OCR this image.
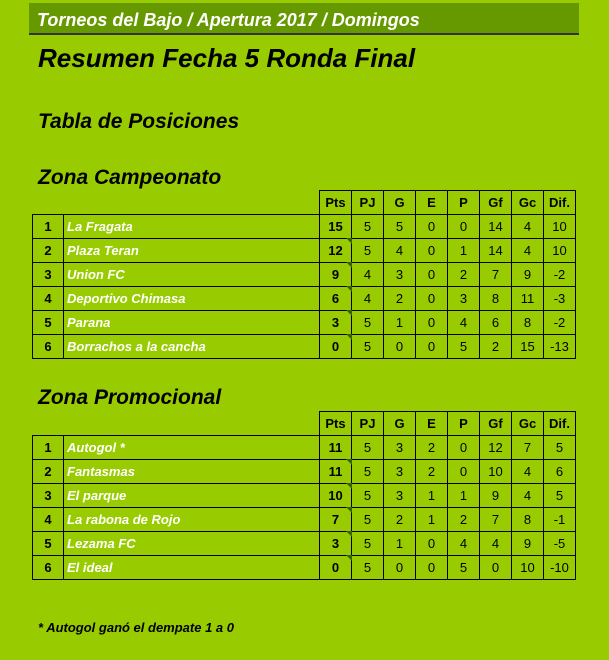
Torneos del Bajo / Apertura 2017 / Domingos
Resumen Fecha 5 Ronda Final
Tabla de Posiciones
Zona Campeonato
		Pts	PJ	G	E	P	Gf	Gc	Dif.
1	La Fragata	15	5	5	0	0	14	4	10
2	Plaza Teran	12	5	4	0	1	14	4	10
3	Union FC	9	4	3	0	2	7	9	-2
4	Deportivo Chimasa	6	4	2	0	3	8	11	-3
5	Parana	3	5	1	0	4	6	8	-2
6	Borrachos a la cancha	0	5	0	0	5	2	15	-13
Zona Promocional
		Pts	PJ	G	E	P	Gf	Gc	Dif.
1	Autogol *	11	5	3	2	0	12	7	5
2	Fantasmas	11	5	3	2	0	10	4	6
3	El parque	10	5	3	1	1	9	4	5
4	La rabona de Rojo	7	5	2	1	2	7	8	-1
5	Lezama FC	3	5	1	0	4	4	9	-5
6	El ideal	0	5	0	0	5	0	10	-10
* Autogol ganó el dempate 1 a 0
